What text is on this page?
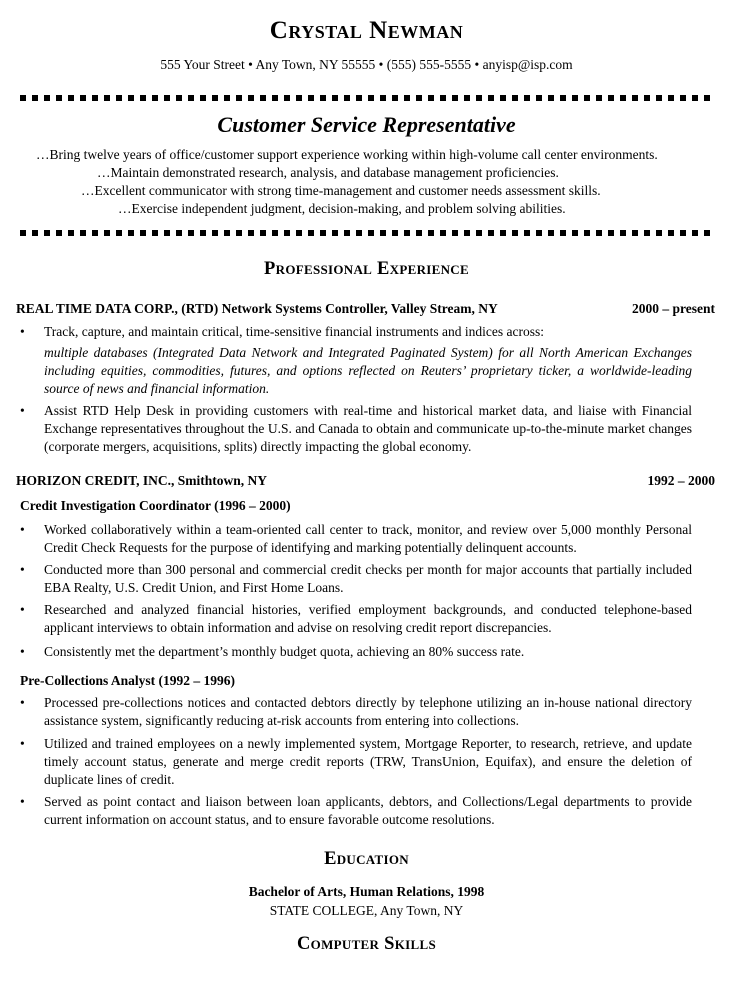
Crystal Newman
555 Your Street • Any Town, NY 55555 • (555) 555-5555 • anyisp@isp.com
Customer Service Representative
…Bring twelve years of office/customer support experience working within high-volume call center environments.
…Maintain demonstrated research, analysis, and database management proficiencies.
…Excellent communicator with strong time-management and customer needs assessment skills.
…Exercise independent judgment, decision-making, and problem solving abilities.
Professional Experience
REAL TIME DATA CORP., (RTD) Network Systems Controller, Valley Stream, NY	2000 – present
•	Track, capture, and maintain critical, time-sensitive financial instruments and indices across:
multiple databases (Integrated Data Network and Integrated Paginated System) for all North American Exchanges including equities, commodities, futures, and options reflected on Reuters’ proprietary ticker, a worldwide-leading source of news and financial information.
•	Assist RTD Help Desk in providing customers with real-time and historical market data, and liaise with Financial Exchange representatives throughout the U.S. and Canada to obtain and communicate up-to-the-minute market changes (corporate mergers, acquisitions, splits) directly impacting the global economy.
HORIZON CREDIT, INC., Smithtown, NY	1992 – 2000
Credit Investigation Coordinator (1996 – 2000)
•	Worked collaboratively within a team-oriented call center to track, monitor, and review over 5,000 monthly Personal Credit Check Requests for the purpose of identifying and marking potentially delinquent accounts.
•	Conducted more than 300 personal and commercial credit checks per month for major accounts that partially included EBA Realty, U.S. Credit Union, and First Home Loans.
•	Researched and analyzed financial histories, verified employment backgrounds, and conducted telephone-based applicant interviews to obtain information and advise on resolving credit report discrepancies.
•	Consistently met the department’s monthly budget quota, achieving an 80% success rate.
Pre-Collections Analyst (1992 – 1996)
•	Processed pre-collections notices and contacted debtors directly by telephone utilizing an in-house national directory assistance system, significantly reducing at-risk accounts from entering into collections.
•	Utilized and trained employees on a newly implemented system, Mortgage Reporter, to research, retrieve, and update timely account status, generate and merge credit reports (TRW, TransUnion, Equifax), and ensure the deletion of duplicate lines of credit.
•	Served as point contact and liaison between loan applicants, debtors, and Collections/Legal departments to provide current information on account status, and to ensure favorable outcome resolutions.
Education
Bachelor of Arts, Human Relations, 1998
STATE COLLEGE, Any Town, NY
Computer Skills
